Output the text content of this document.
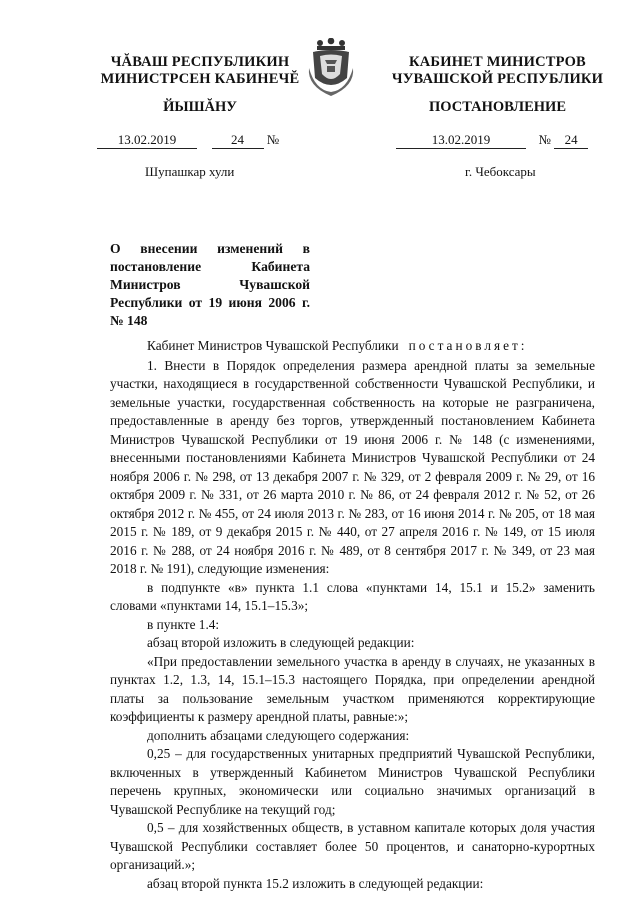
ЧĂВАШ РЕСПУБЛИКИН
МИНИСТРСЕН КАБИНЕЧĔ
ЙЫШĂНУ
КАБИНЕТ МИНИСТРОВ
ЧУВАШСКОЙ РЕСПУБЛИКИ
ПОСТАНОВЛЕНИЕ
13.02.2019	24 №	13.02.2019	№ 24
Шупашкар хули	г. Чебоксары
О внесении изменений в постановление Кабинета Министров Чувашской Республики от 19 июня 2006 г. № 148

Кабинет Министров Чувашской Республики постановляет:

1. Внести в Порядок определения размера арендной платы за земельные участки, находящиеся в государственной собственности Чувашской Республики, и земельные участки, государственная собственность на которые не разграничена, предоставленные в аренду без торгов, утвержденный постановлением Кабинета Министров Чувашской Республики от 19 июня 2006 г. № 148 (с изменениями, внесенными постановлениями Кабинета Министров Чувашской Республики от 24 ноября 2006 г. № 298, от 13 декабря 2007 г. № 329, от 2 февраля 2009 г. № 29, от 16 октября 2009 г. № 331, от 26 марта 2010 г. № 86, от 24 февраля 2012 г. № 52, от 26 октября 2012 г. № 455, от 24 июля 2013 г. № 283, от 16 июня 2014 г. № 205, от 18 мая 2015 г. № 189, от 9 декабря 2015 г. № 440, от 27 апреля 2016 г. № 149, от 15 июля 2016 г. № 288, от 24 ноября 2016 г. № 489, от 8 сентября 2017 г. № 349, от 23 мая 2018 г. № 191), следующие изменения:

в подпункте «в» пункта 1.1 слова «пунктами 14, 15.1 и 15.2» заменить словами «пунктами 14, 15.1–15.3»;

в пункте 1.4:

абзац второй изложить в следующей редакции:

«При предоставлении земельного участка в аренду в случаях, не указанных в пунктах 1.2, 1.3, 14, 15.1–15.3 настоящего Порядка, при определении арендной платы за пользование земельным участком применяются корректирующие коэффициенты к размеру арендной платы, равные:»;

дополнить абзацами следующего содержания:

0,25 – для государственных унитарных предприятий Чувашской Республики, включенных в утвержденный Кабинетом Министров Чувашской Республики перечень крупных, экономически или социально значимых организаций в Чувашской Республике на текущий год;

0,5 – для хозяйственных обществ, в уставном капитале которых доля участия Чувашской Республики составляет более 50 процентов, и санаторно-курортных организаций.»;

абзац второй пункта 15.2 изложить в следующей редакции:
